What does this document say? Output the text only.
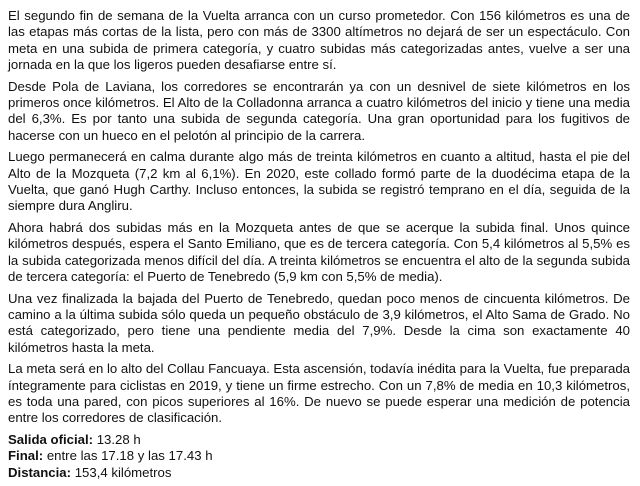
El segundo fin de semana de la Vuelta arranca con un curso prometedor. Con 156 kilómetros es una de las etapas más cortas de la lista, pero con más de 3300 altímetros no dejará de ser un espectáculo. Con meta en una subida de primera categoría, y cuatro subidas más categorizadas antes, vuelve a ser una jornada en la que los ligeros pueden desafiarse entre sí.

Desde Pola de Laviana, los corredores se encontrarán ya con un desnivel de siete kilómetros en los primeros once kilómetros. El Alto de la Colladonna arranca a cuatro kilómetros del inicio y tiene una media del 6,3%. Es por tanto una subida de segunda categoría. Una gran oportunidad para los fugitivos de hacerse con un hueco en el pelotón al principio de la carrera.

Luego permanecerá en calma durante algo más de treinta kilómetros en cuanto a altitud, hasta el pie del Alto de la Mozqueta (7,2 km al 6,1%). En 2020, este collado formó parte de la duodécima etapa de la Vuelta, que ganó Hugh Carthy. Incluso entonces, la subida se registró temprano en el día, seguida de la siempre dura Angliru.

Ahora habrá dos subidas más en la Mozqueta antes de que se acerque la subida final. Unos quince kilómetros después, espera el Santo Emiliano, que es de tercera categoría. Con 5,4 kilómetros al 5,5% es la subida categorizada menos difícil del día. A treinta kilómetros se encuentra el alto de la segunda subida de tercera categoría: el Puerto de Tenebredo (5,9 km con 5,5% de media).

Una vez finalizada la bajada del Puerto de Tenebredo, quedan poco menos de cincuenta kilómetros. De camino a la última subida sólo queda un pequeño obstáculo de 3,9 kilómetros, el Alto Sama de Grado. No está categorizado, pero tiene una pendiente media del 7,9%. Desde la cima son exactamente 40 kilómetros hasta la meta.

La meta será en lo alto del Collau Fancuaya. Esta ascensión, todavía inédita para la Vuelta, fue preparada íntegramente para ciclistas en 2019, y tiene un firme estrecho. Con un 7,8% de media en 10,3 kilómetros, es toda una pared, con picos superiores al 16%. De nuevo se puede esperar una medición de potencia entre los corredores de clasificación.

Salida oficial: 13.28 h
Final: entre las 17.18 y las 17.43 h
Distancia: 153,4 kilómetros
